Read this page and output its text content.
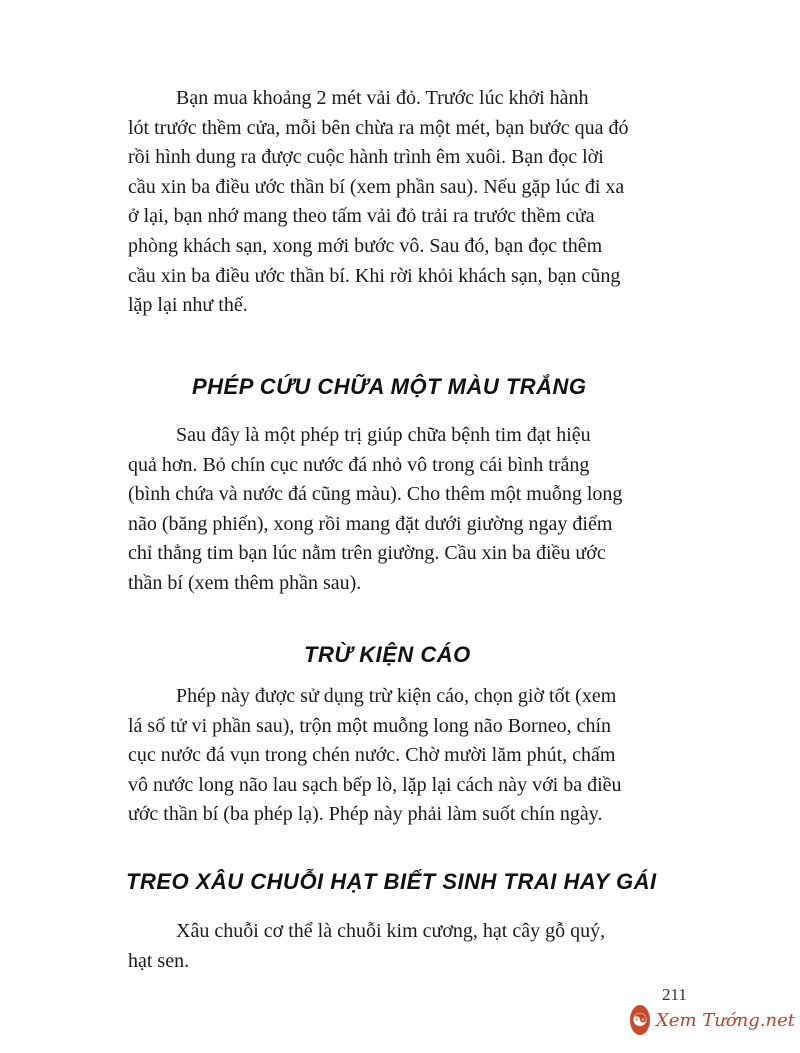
Bạn mua khoảng 2 mét vải đỏ. Trước lúc khởi hành
lót trước thềm cửa, mỗi bên chừa ra một mét, bạn bước qua đó
rồi hình dung ra được cuộc hành trình êm xuôi. Bạn đọc lời
cầu xin ba điều ước thần bí (xem phần sau). Nếu gặp lúc đi xa
ở lại, bạn nhớ mang theo tấm vải đỏ trải ra trước thềm cửa
phòng khách sạn, xong mới bước vô. Sau đó, bạn đọc thêm
cầu xin ba điều ước thần bí. Khi rời khỏi khách sạn, bạn cũng
lặp lại như thế.

PHÉP CỨU CHỮA MỘT MÀU TRẮNG

Sau đây là một phép trị giúp chữa bệnh tim đạt hiệu
quả hơn. Bỏ chín cục nước đá nhỏ vô trong cái bình trắng
(bình chứa và nước đá cũng màu). Cho thêm một muỗng long
não (băng phiến), xong rồi mang đặt dưới giường ngay điểm
chỉ thẳng tim bạn lúc nằm trên giường. Cầu xin ba điều ước
thần bí (xem thêm phần sau).

TRỪ KIỆN CÁO

Phép này được sử dụng trừ kiện cáo, chọn giờ tốt (xem
lá số tử vi phần sau), trộn một muỗng long não Borneo, chín
cục nước đá vụn trong chén nước. Chờ mười lăm phút, chấm
vô nước long não lau sạch bếp lò, lặp lại cách này với ba điều
ước thần bí (ba phép lạ). Phép này phải làm suốt chín ngày.

TREO XÂU CHUỖI HẠT BIẾT SINH TRAI HAY GÁI

Xâu chuỗi cơ thể là chuỗi kim cương, hạt cây gỗ quý,
hạt sen.

211
☯ Xem Tướng.net
